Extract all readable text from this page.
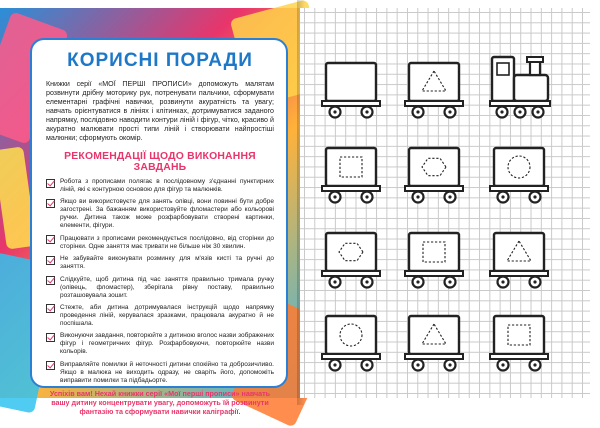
КОРИСНІ ПОРАДИ

Книжки серії «МОЇ ПЕРШІ ПРОПИСИ» допоможуть малятам розвинути дрібну моторику рук, потренувати пальчики, сформувати елементарні графічні навички, розвинути акуратність та увагу; навчать орієнтуватися в лініях і клітинках, дотримуватися заданого напрямку, послідовно наводити контури ліній і фігур, чітко, красиво й акуратно малювати прості типи ліній і створювати найпростіші малюнки; сформують окомір.

РЕКОМЕНДАЦІЇ ЩОДО ВИКОНАННЯ ЗАВДАНЬ
Робота з прописами полягає в послідовному з'єднанні пунктирних ліній, які є контурною основою для фігур та малюнків.
Якщо ви використовуєте для занять олівці, вони повинні бути добре загострені. За бажанням використовуйте фломастери або кольорові ручки. Дитина також може розфарбовувати створені картинки, елементи, фігури.
Працювати з прописами рекомендується послідовно, від сторінки до сторінки. Одне заняття має тривати не більше ніж 30 хвилин.
Не забувайте виконувати розминку для м'язів кисті та ручні до заняття.
Слідкуйте, щоб дитина під час заняття правильно тримала ручку (олівець, фломастер), зберігала рівну поставу, правильно розташовувала зошит.
Стежте, аби дитина дотримувалася інструкцій щодо напрямку проведення ліній, керувалася зразками, працювала акуратно й не поспішала.
Виконуючи завдання, повторюйте з дитиною вголос назви зображених фігур і геометричних фігур. Розфарбовуючи, повторюйте назви кольорів.
Виправляйте помилки й неточності дитини спокійно та доброзичливо. Якщо в малюка не виходить одразу, не сваріть його, допоможіть виправити помилки та підбадьорте.

Успіхів вам! Нехай книжки серії «Мої перші прописи» навчать вашу дитину концентрувати увагу, допоможуть їй розвинути фантазію та сформувати навички каліграфії.
